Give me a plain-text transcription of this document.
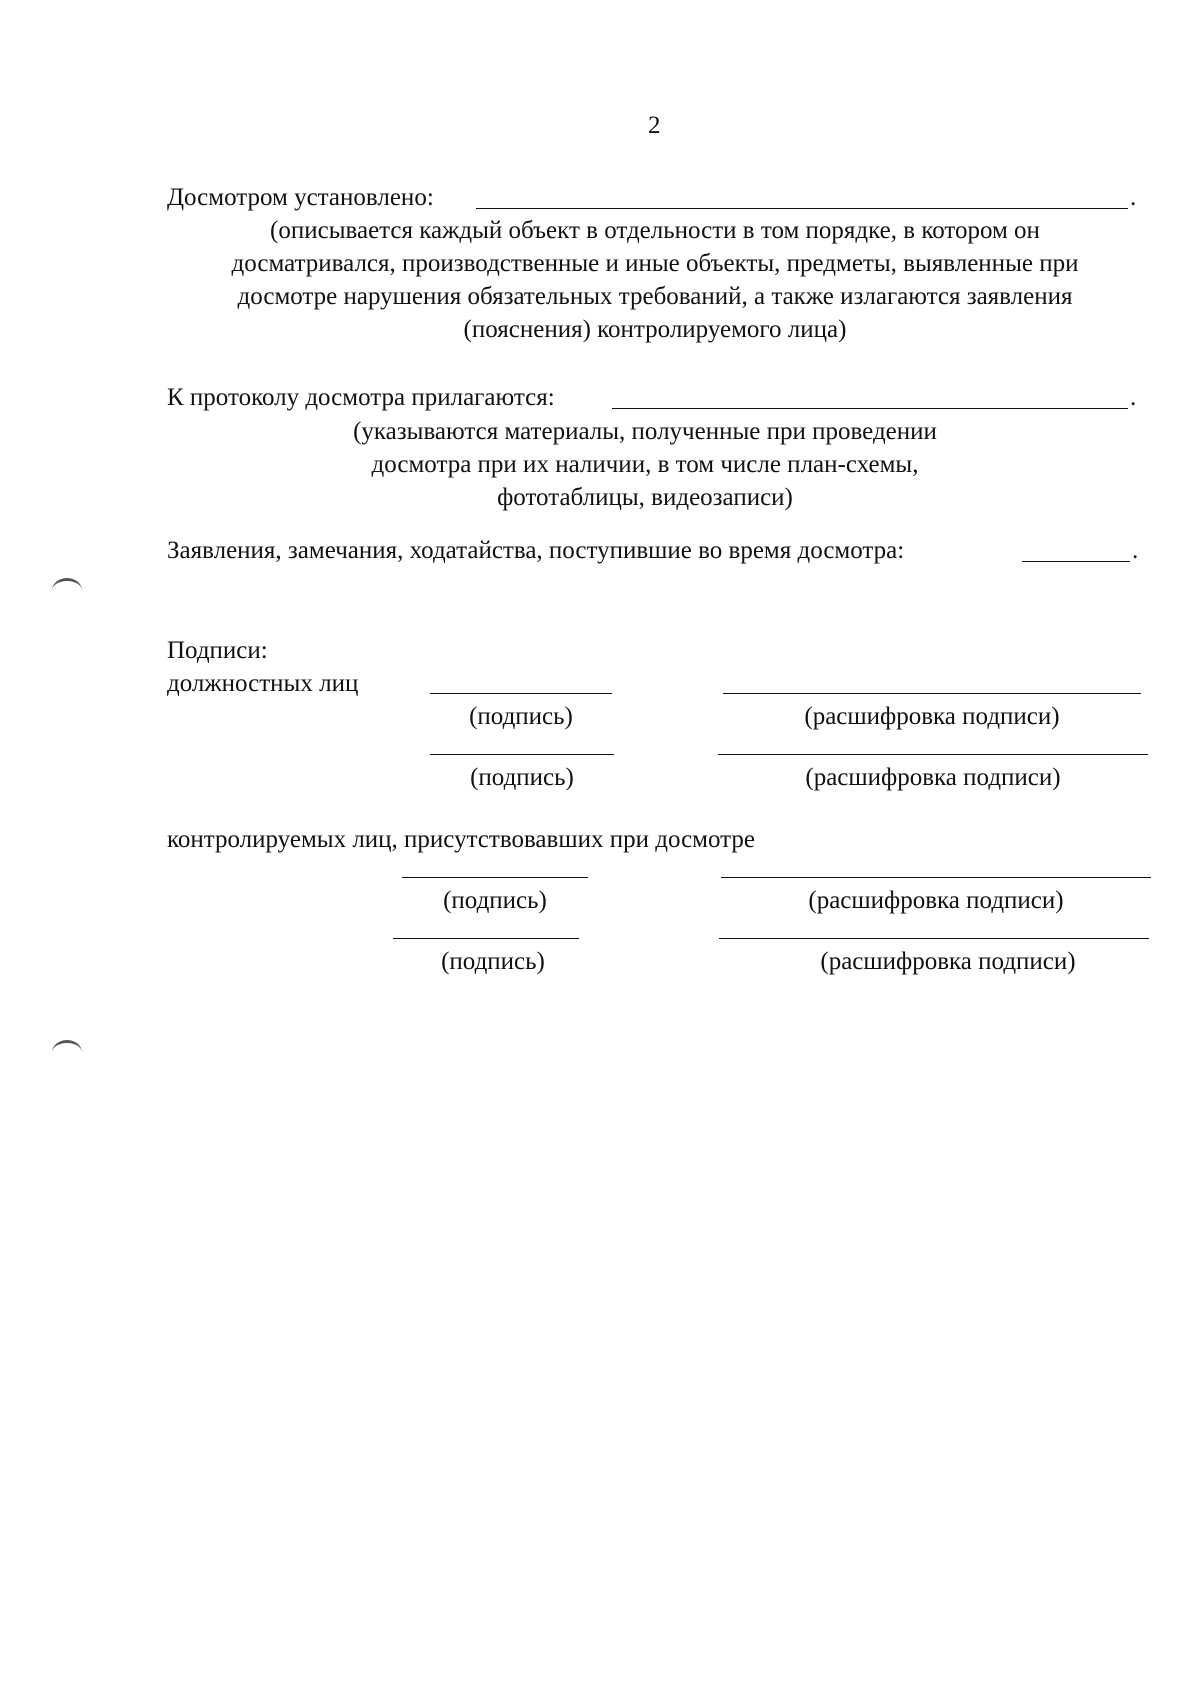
2
Досмотром установлено:	.
(описывается каждый объект в отдельности в том порядке, в котором он
досматривался, производственные и иные объекты, предметы, выявленные при
досмотре нарушения обязательных требований, а также излагаются заявления
(пояснения) контролируемого лица)
К протоколу досмотра прилагаются:	.
(указываются материалы, полученные при проведении
досмотра при их наличии, в том числе план-схемы,
фототаблицы, видеозаписи)
Заявления, замечания, ходатайства, поступившие во время досмотра:	.
Подписи:
должностных лиц
(подпись)	(расшифровка подписи)
(подпись)	(расшифровка подписи)
контролируемых лиц, присутствовавших при досмотре
(подпись)	(расшифровка подписи)
(подпись)	(расшифровка подписи)
